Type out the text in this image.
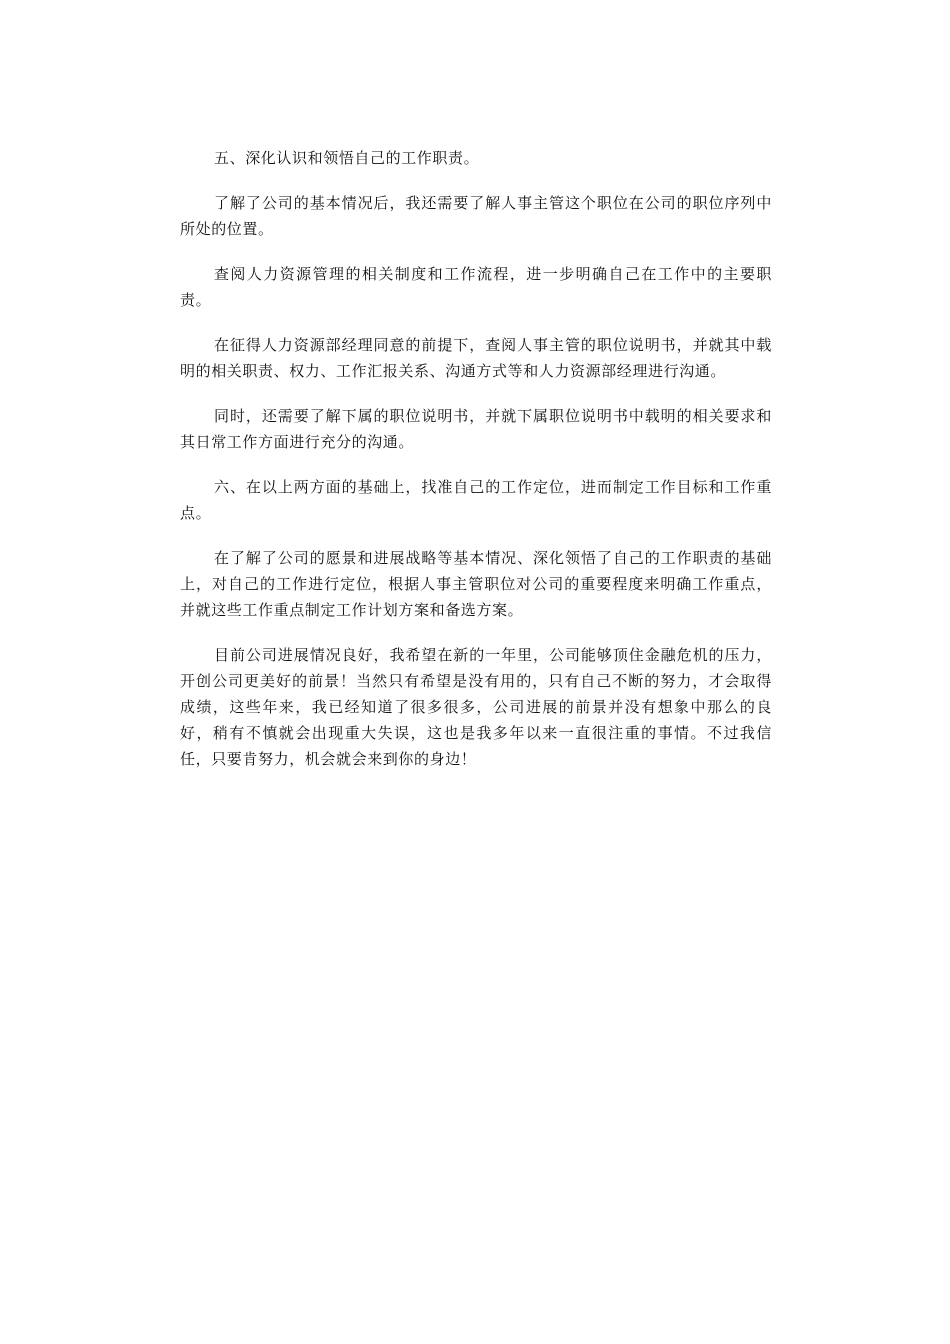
五、深化认识和领悟自己的工作职责。

了解了公司的基本情况后，我还需要了解人事主管这个职位在公司的职位序列中所处的位置。

查阅人力资源管理的相关制度和工作流程，进一步明确自己在工作中的主要职责。

在征得人力资源部经理同意的前提下，查阅人事主管的职位说明书，并就其中载明的相关职责、权力、工作汇报关系、沟通方式等和人力资源部经理进行沟通。

同时，还需要了解下属的职位说明书，并就下属职位说明书中载明的相关要求和其日常工作方面进行充分的沟通。

六、在以上两方面的基础上，找准自己的工作定位，进而制定工作目标和工作重点。

在了解了公司的愿景和进展战略等基本情况、深化领悟了自己的工作职责的基础上，对自己的工作进行定位，根据人事主管职位对公司的重要程度来明确工作重点，并就这些工作重点制定工作计划方案和备选方案。

目前公司进展情况良好，我希望在新的一年里，公司能够顶住金融危机的压力，开创公司更美好的前景！当然只有希望是没有用的，只有自己不断的努力，才会取得成绩，这些年来，我已经知道了很多很多，公司进展的前景并没有想象中那么的良好，稍有不慎就会出现重大失误，这也是我多年以来一直很注重的事情。不过我信任，只要肯努力，机会就会来到你的身边！
